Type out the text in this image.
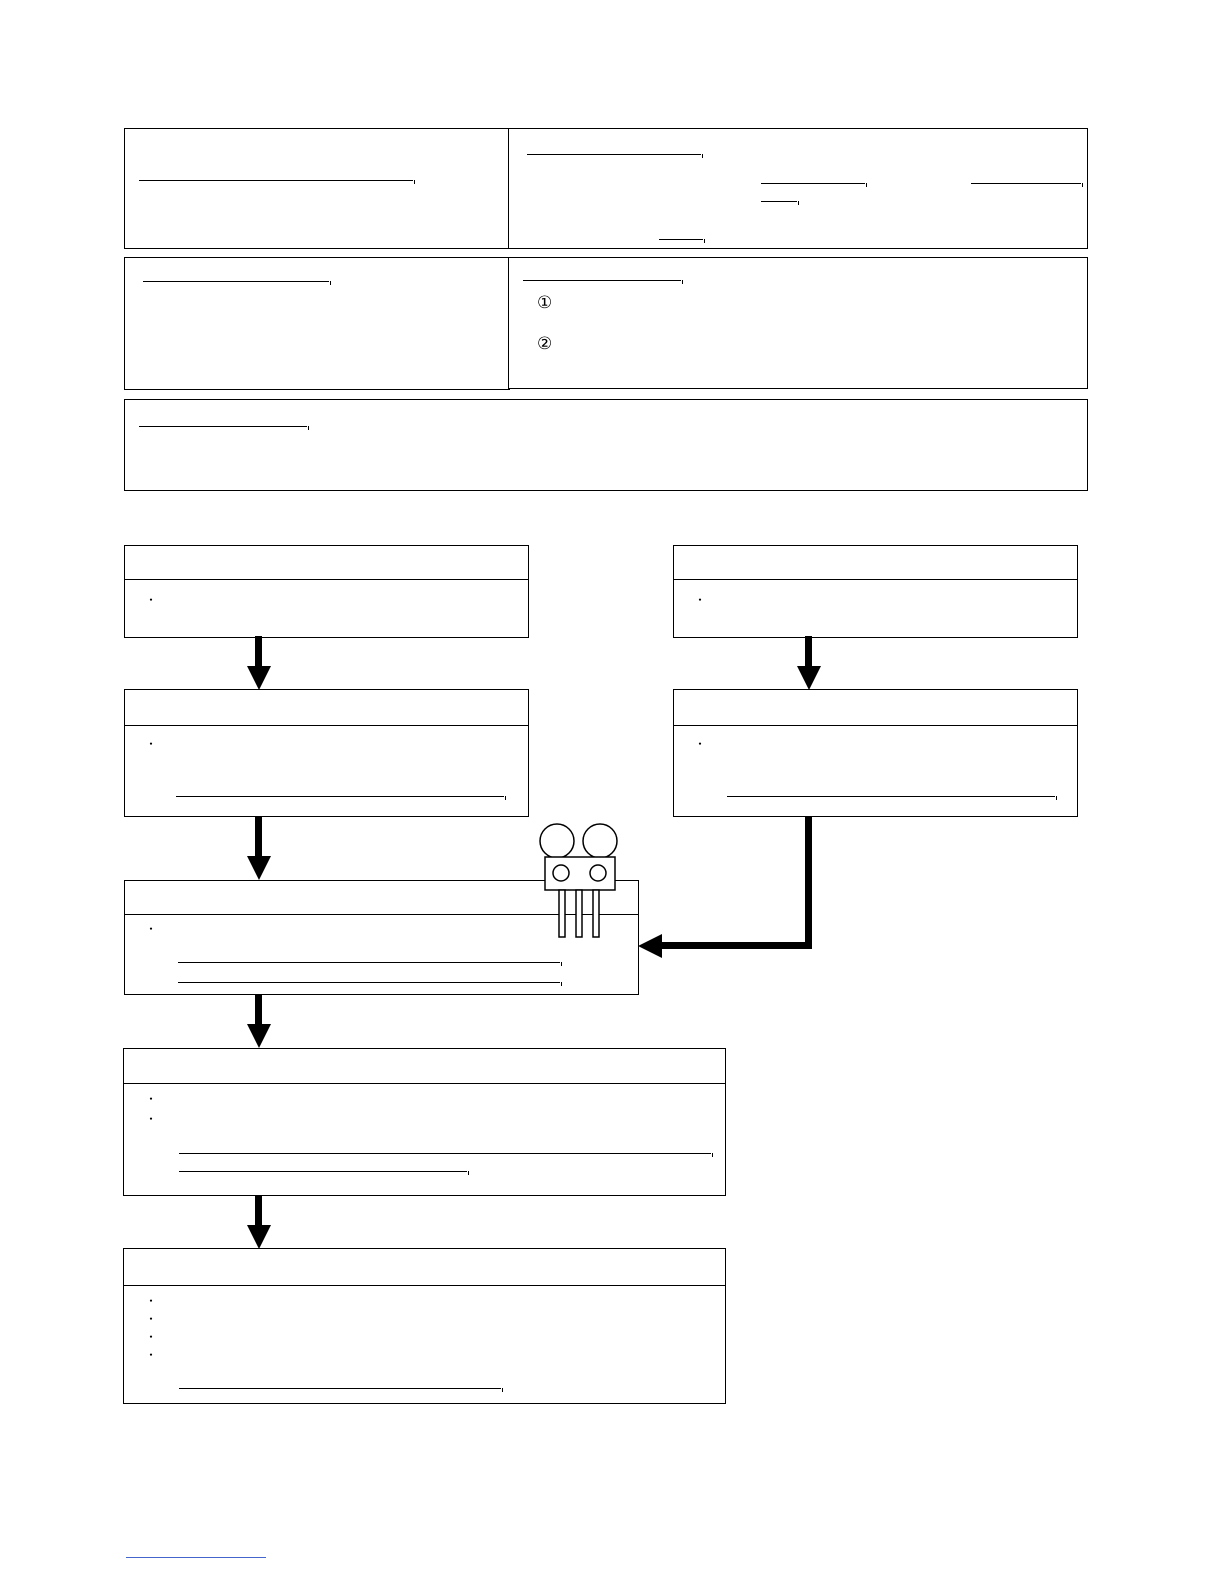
①
②
・
・
・
・
・
・
・
・
・
・
・
